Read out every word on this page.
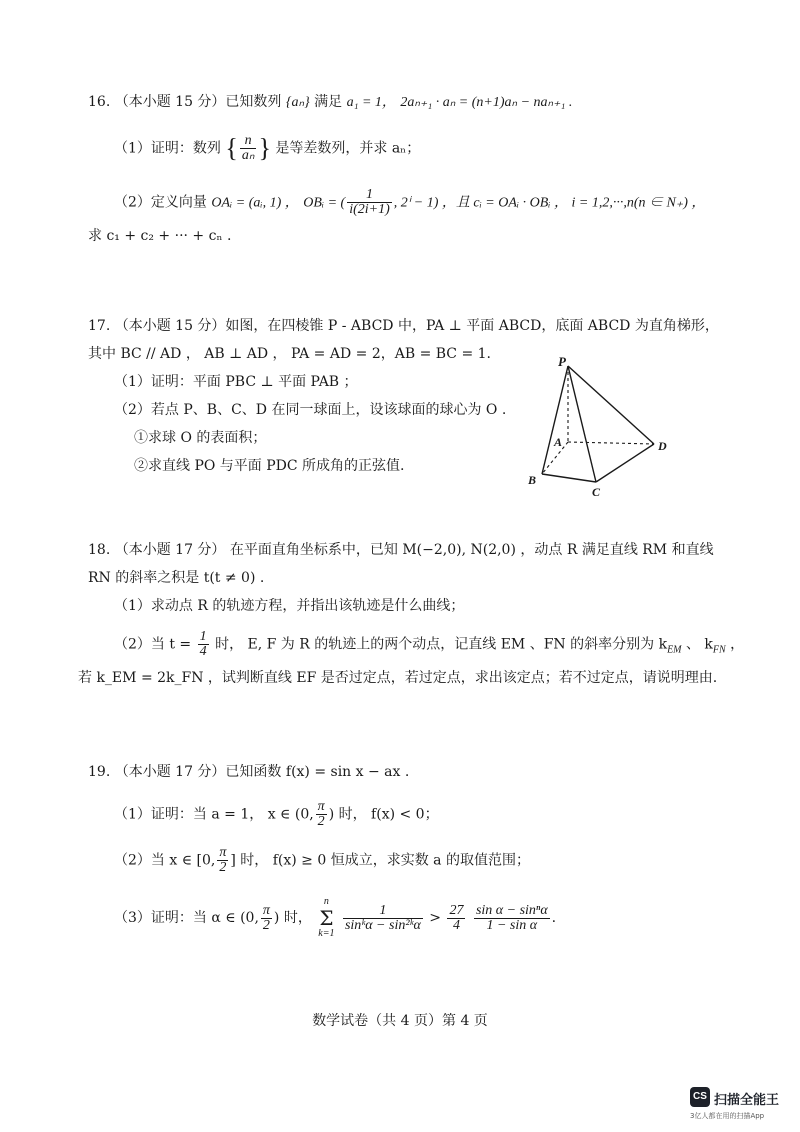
16. （本小题 15 分）已知数列 {aₙ} 满足 a₁ = 1， 2aₙ₊₁ · aₙ = (n+1)aₙ − naₙ₊₁ .
（1）证明：数列 { $\frac{n}{\text{aₙ}}$ } 是等差数列，并求 aₙ；
（2）定义向量 OAᵢ = (aᵢ, 1) ， OBᵢ = ( $\frac{1}{i(2i+1)}$ , 2ⁱ − 1) ，且 cᵢ = OAᵢ · OBᵢ ， i = 1,2,···,n(n ∈ N₊) ，
求 c₁ + c₂ + ··· + cₙ .
17. （本小题 15 分）如图，在四棱锥 P - ABCD 中，PA ⊥ 平面 ABCD，底面 ABCD 为直角梯形，
其中 BC // AD ， AB ⊥ AD ， PA = AD = 2，AB = BC = 1.
（1）证明：平面 PBC ⊥ 平面 PAB ；
（2）若点 P、B、C、D 在同一球面上，设该球面的球心为 O .
①求球 O 的表面积；
②求直线 PO 与平面 PDC 所成角的正弦值.
P
A
B
C
D
18. （本小题 17 分） 在平面直角坐标系中，已知 M(−2,0), N(2,0) ，动点 R 满足直线 RM 和直线
RN 的斜率之积是 t(t ≠ 0) .
（1）求动点 R 的轨迹方程，并指出该轨迹是什么曲线；
（2）当 $t = \frac{1}{4}$ 时， E, F 为 R 的轨迹上的两个动点，记直线 EM 、FN 的斜率分别为 $k_{EM}$ 、 $k_{FN}$ ，
若 k_EM = 2k_FN ，试判断直线 EF 是否过定点，若过定点，求出该定点；若不过定点，请说明理由.
19. （本小题 17 分）已知函数 f(x) = sin x − ax .
（1）证明：当 a = 1， x ∈ (0, $\frac{\pi}{2}$ ) 时， f(x) < 0；
（2）当 x ∈ [0, $\frac{\pi}{2}$ ] 时， f(x) ≥ 0 恒成立，求实数 a 的取值范围；
（3）证明：当 α ∈ (0, $\frac{\pi}{2}$ ) 时，
n
Σ
k=1

$\frac{1}{\text{sinᵏα − sin²ᵏα}} > \frac{27}{4}$
$\frac{\text{sin α − sinⁿα}}{\text{1 − sin α}}$ .
数学试卷（共 4 页）第 4 页
CS 扫描全能王
3亿人都在用的扫描App
